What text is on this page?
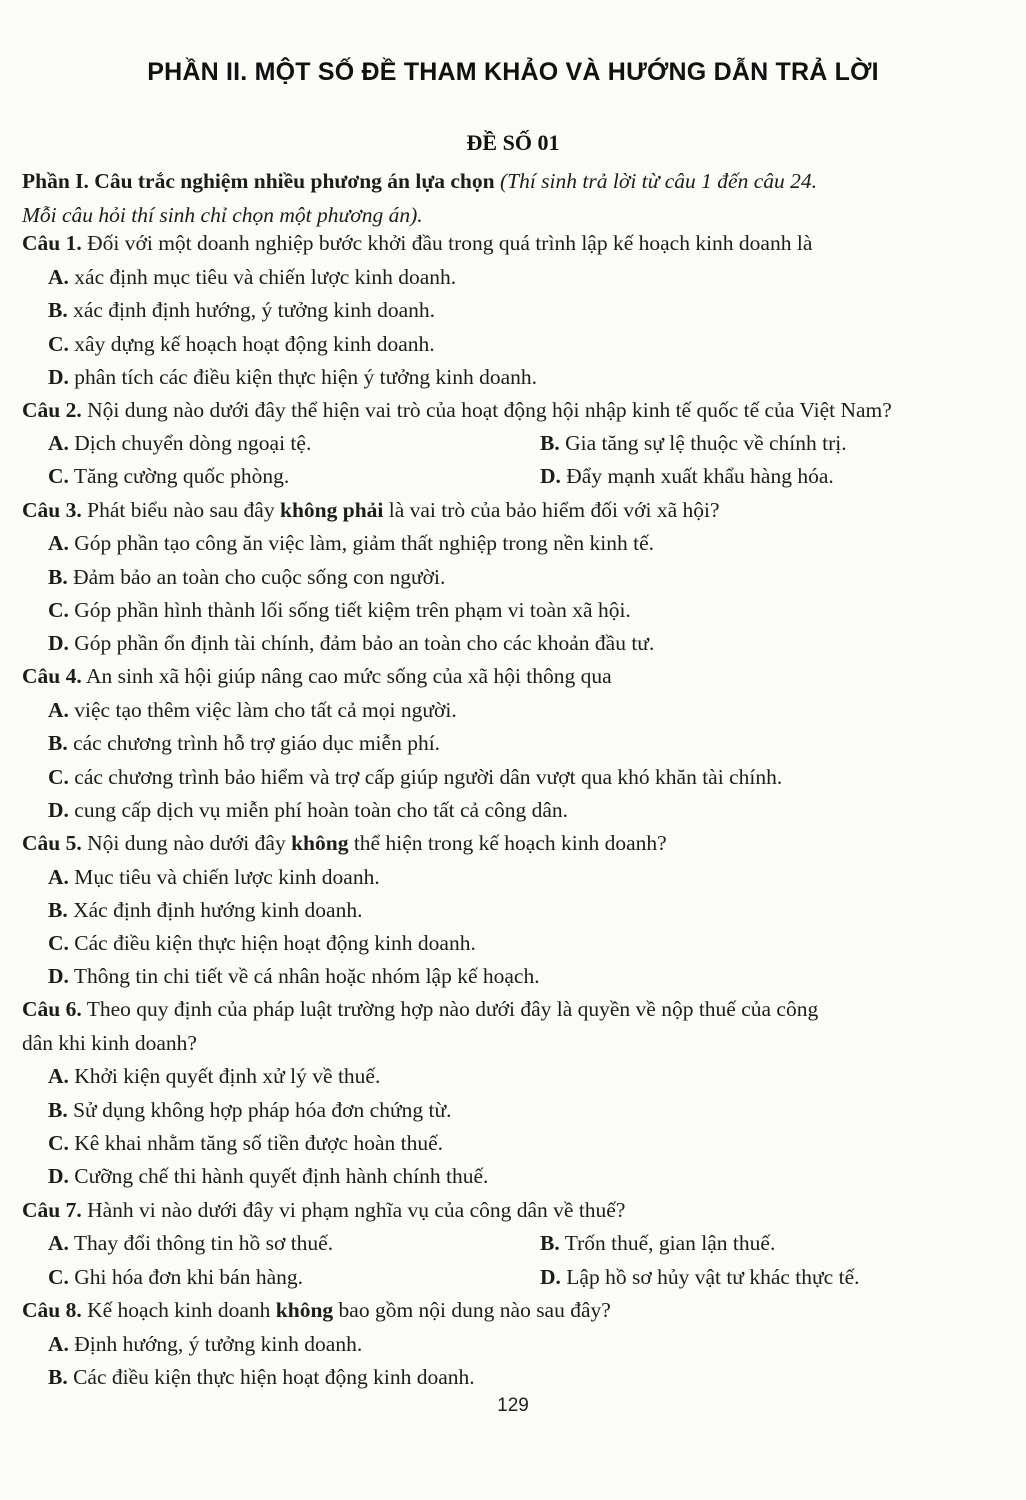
PHẦN II. MỘT SỐ ĐỀ THAM KHẢO VÀ HƯỚNG DẪN TRẢ LỜI
ĐỀ SỐ 01
Phần I. Câu trắc nghiệm nhiều phương án lựa chọn (Thí sinh trả lời từ câu 1 đến câu 24.
Mỗi câu hỏi thí sinh chỉ chọn một phương án).
Câu 1. Đối với một doanh nghiệp bước khởi đầu trong quá trình lập kế hoạch kinh doanh là
A. xác định mục tiêu và chiến lược kinh doanh.
B. xác định định hướng, ý tưởng kinh doanh.
C. xây dựng kế hoạch hoạt động kinh doanh.
D. phân tích các điều kiện thực hiện ý tưởng kinh doanh.
Câu 2. Nội dung nào dưới đây thể hiện vai trò của hoạt động hội nhập kinh tế quốc tế của Việt Nam?
A. Dịch chuyển dòng ngoại tệ.	B. Gia tăng sự lệ thuộc về chính trị.
C. Tăng cường quốc phòng.	D. Đẩy mạnh xuất khẩu hàng hóa.
Câu 3. Phát biểu nào sau đây không phải là vai trò của bảo hiểm đối với xã hội?
A. Góp phần tạo công ăn việc làm, giảm thất nghiệp trong nền kinh tế.
B. Đảm bảo an toàn cho cuộc sống con người.
C. Góp phần hình thành lối sống tiết kiệm trên phạm vi toàn xã hội.
D. Góp phần ổn định tài chính, đảm bảo an toàn cho các khoản đầu tư.
Câu 4. An sinh xã hội giúp nâng cao mức sống của xã hội thông qua
A. việc tạo thêm việc làm cho tất cả mọi người.
B. các chương trình hỗ trợ giáo dục miễn phí.
C. các chương trình bảo hiểm và trợ cấp giúp người dân vượt qua khó khăn tài chính.
D. cung cấp dịch vụ miễn phí hoàn toàn cho tất cả công dân.
Câu 5. Nội dung nào dưới đây không thể hiện trong kế hoạch kinh doanh?
A. Mục tiêu và chiến lược kinh doanh.
B. Xác định định hướng kinh doanh.
C. Các điều kiện thực hiện hoạt động kinh doanh.
D. Thông tin chi tiết về cá nhân hoặc nhóm lập kế hoạch.
Câu 6. Theo quy định của pháp luật trường hợp nào dưới đây là quyền về nộp thuế của công
dân khi kinh doanh?
A. Khởi kiện quyết định xử lý về thuế.
B. Sử dụng không hợp pháp hóa đơn chứng từ.
C. Kê khai nhằm tăng số tiền được hoàn thuế.
D. Cưỡng chế thi hành quyết định hành chính thuế.
Câu 7. Hành vi nào dưới đây vi phạm nghĩa vụ của công dân về thuế?
A. Thay đổi thông tin hồ sơ thuế.	B. Trốn thuế, gian lận thuế.
C. Ghi hóa đơn khi bán hàng.	D. Lập hồ sơ hủy vật tư khác thực tế.
Câu 8. Kế hoạch kinh doanh không bao gồm nội dung nào sau đây?
A. Định hướng, ý tưởng kinh doanh.
B. Các điều kiện thực hiện hoạt động kinh doanh.
129
